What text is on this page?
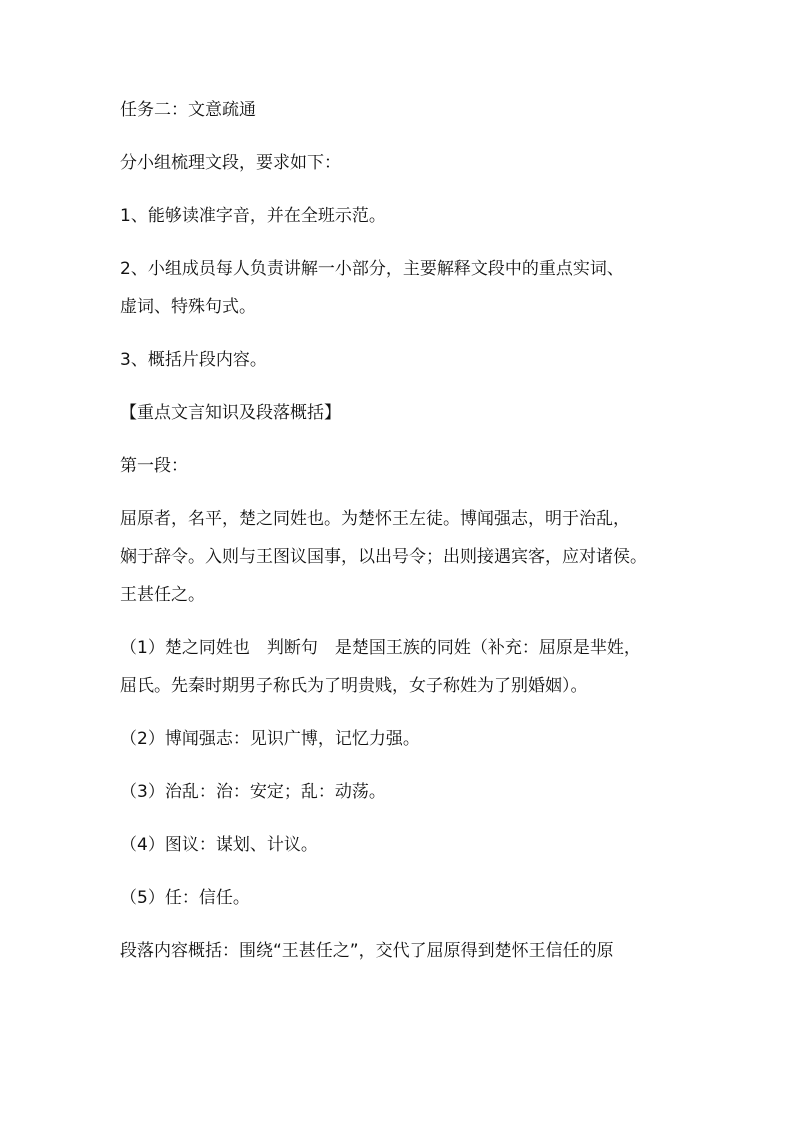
任务二：文意疏通

分小组梳理文段，要求如下：

1、能够读准字音，并在全班示范。

2、小组成员每人负责讲解一小部分，主要解释文段中的重点实词、

虚词、特殊句式。

3、概括片段内容。

【重点文言知识及段落概括】

第一段：

屈原者，名平，楚之同姓也。为楚怀王左徒。博闻强志，明于治乱，

娴于辞令。入则与王图议国事，以出号令；出则接遇宾客，应对诸侯。

王甚任之。

（1）楚之同姓也　判断句　是楚国王族的同姓（补充：屈原是芈姓，

屈氏。先秦时期男子称氏为了明贵贱，女子称姓为了别婚姻）。

（2）博闻强志：见识广博，记忆力强。

（3）治乱：治：安定；乱：动荡。

（4）图议：谋划、计议。

（5）任：信任。

段落内容概括：围绕“王甚任之”，交代了屈原得到楚怀王信任的原
